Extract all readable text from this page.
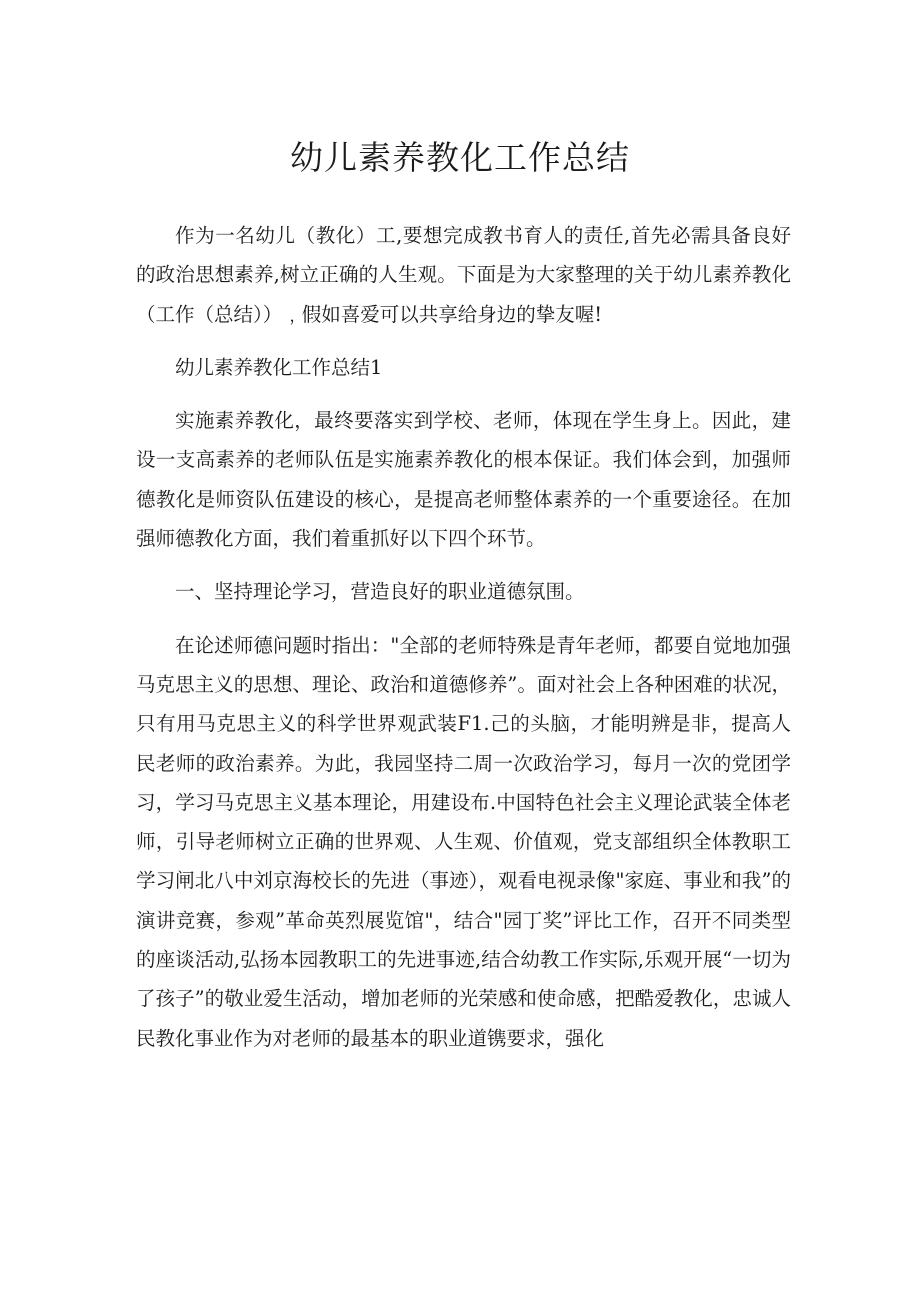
幼儿素养教化工作总结

作为一名幼儿（教化）工,要想完成教书育人的责任,首先必需具备良好的政治思想素养,树立正确的人生观。下面是为大家整理的关于幼儿素养教化（工作（总结））﹐假如喜爱可以共享给身边的挚友喔!

幼儿素养教化工作总结1

实施素养教化，最终要落实到学校、老师，体现在学生身上。因此，建设一支高素养的老师队伍是实施素养教化的根本保证。我们体会到，加强师德教化是师资队伍建设的核心，是提高老师整体素养的一个重要途径。在加强师德教化方面，我们着重抓好以下四个环节。

一、坚持理论学习，营造良好的职业道德氛围。

在论述师德问题时指出："全部的老师特殊是青年老师，都要自觉地加强马克思主义的思想、理论、政治和道德修养”。面对社会上各种困难的状况，只有用马克思主义的科学世界观武装F1.己的头脑，才能明辨是非，提高人民老师的政治素养。为此，我园坚持二周一次政治学习，每月一次的党团学习，学习马克思主义基本理论，用建设布.中国特色社会主义理论武装全体老师，引导老师树立正确的世界观、人生观、价值观，党支部组织全体教职工学习闸北八中刘京海校长的先进（事迹），观看电视录像"家庭、事业和我”的演讲竞赛，参观”革命英烈展览馆"，结合"园丁奖”评比工作，召开不同类型的座谈活动,弘扬本园教职工的先进事迹,结合幼教工作实际,乐观开展“一切为了孩子”的敬业爱生活动，增加老师的光荣感和使命感，把酷爱教化，忠诚人民教化事业作为对老师的最基本的职业道镌要求，强化
